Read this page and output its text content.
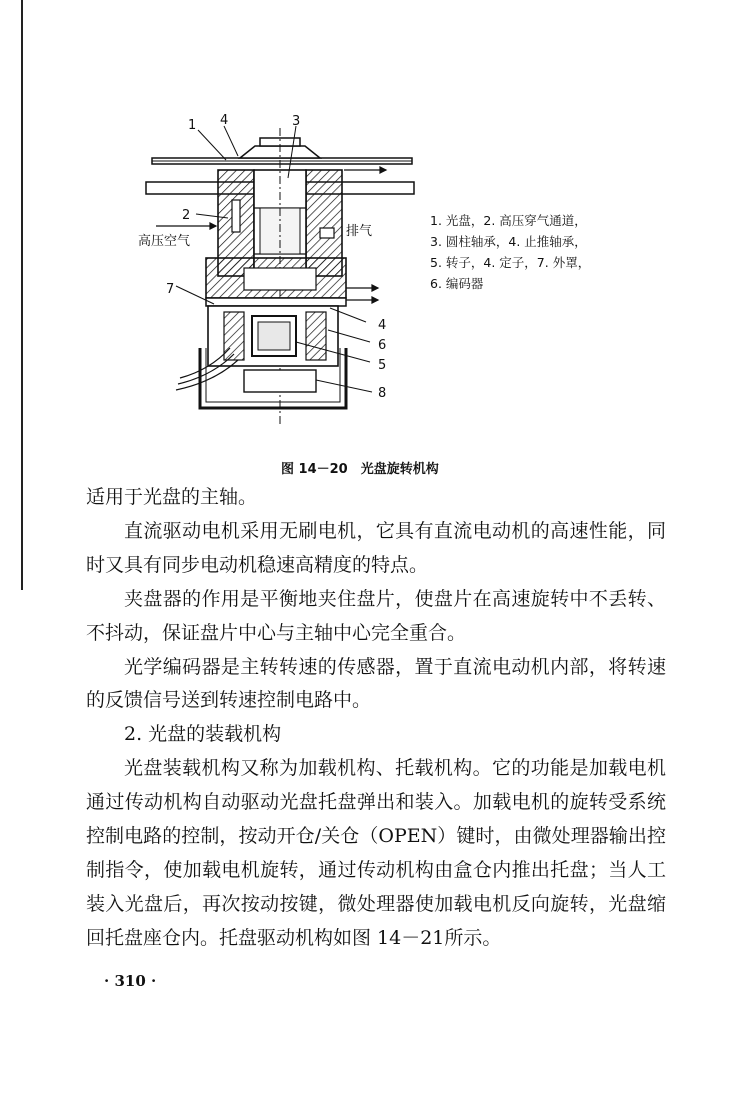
1 4	3
2
高压空气
排气
7
4
6
5
8
1. 光盘，2. 高压穿气通道，
3. 圆柱轴承，4. 止推轴承，
5. 转子，4. 定子，7. 外罩，
6. 编码器
图 14－20　光盘旋转机构

适用于光盘的主轴。

直流驱动电机采用无刷电机，它具有直流电动机的高速性能，同时又具有同步电动机稳速高精度的特点。

夹盘器的作用是平衡地夹住盘片，使盘片在高速旋转中不丢转、不抖动，保证盘片中心与主轴中心完全重合。

光学编码器是主转转速的传感器，置于直流电动机内部，将转速的反馈信号送到转速控制电路中。

2. 光盘的装载机构

光盘装载机构又称为加载机构、托载机构。它的功能是加载电机通过传动机构自动驱动光盘托盘弹出和装入。加载电机的旋转受系统控制电路的控制，按动开仓/关仓（OPEN）键时，由微处理器输出控制指令，使加载电机旋转，通过传动机构由盒仓内推出托盘；当人工装入光盘后，再次按动按键，微处理器使加载电机反向旋转，光盘缩回托盘座仓内。托盘驱动机构如图 14－21所示。

· 310 ·
